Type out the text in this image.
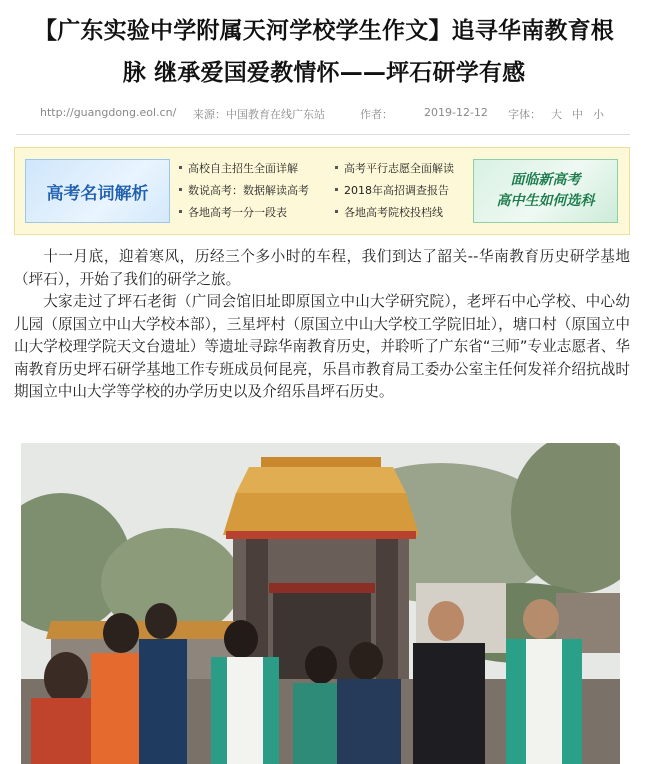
【广东实验中学附属天河学校学生作文】追寻华南教育根
脉 继承爱国爱教情怀——坪石研学有感
http://guangdong.eol.cn/ 来源：中国教育在线广东站	作者：	2019-12-12 字体： 大 中 小
高考名词解析
高校自主招生全面详解
数说高考：数据解读高考
各地高考一分一段表
高考平行志愿全面解读
2018年高招调查报告
各地高考院校投档线
面临新高考
高中生如何选科

十一月底，迎着寒风，历经三个多小时的车程，我们到达了韶关--华南教育历史研学基地（坪石），开始了我们的研学之旅。

大家走过了坪石老街（广同会馆旧址即原国立中山大学研究院），老坪石中心学校、中心幼儿园（原国立中山大学校本部），三星坪村（原国立中山大学校工学院旧址），塘口村（原国立中山大学校理学院天文台遗址）等遗址寻踪华南教育历史，并聆听了广东省“三师”专业志愿者、华南教育历史坪石研学基地工作专班成员何昆亮，乐昌市教育局工委办公室主任何发祥介绍抗战时期国立中山大学等学校的办学历史以及介绍乐昌坪石历史。
